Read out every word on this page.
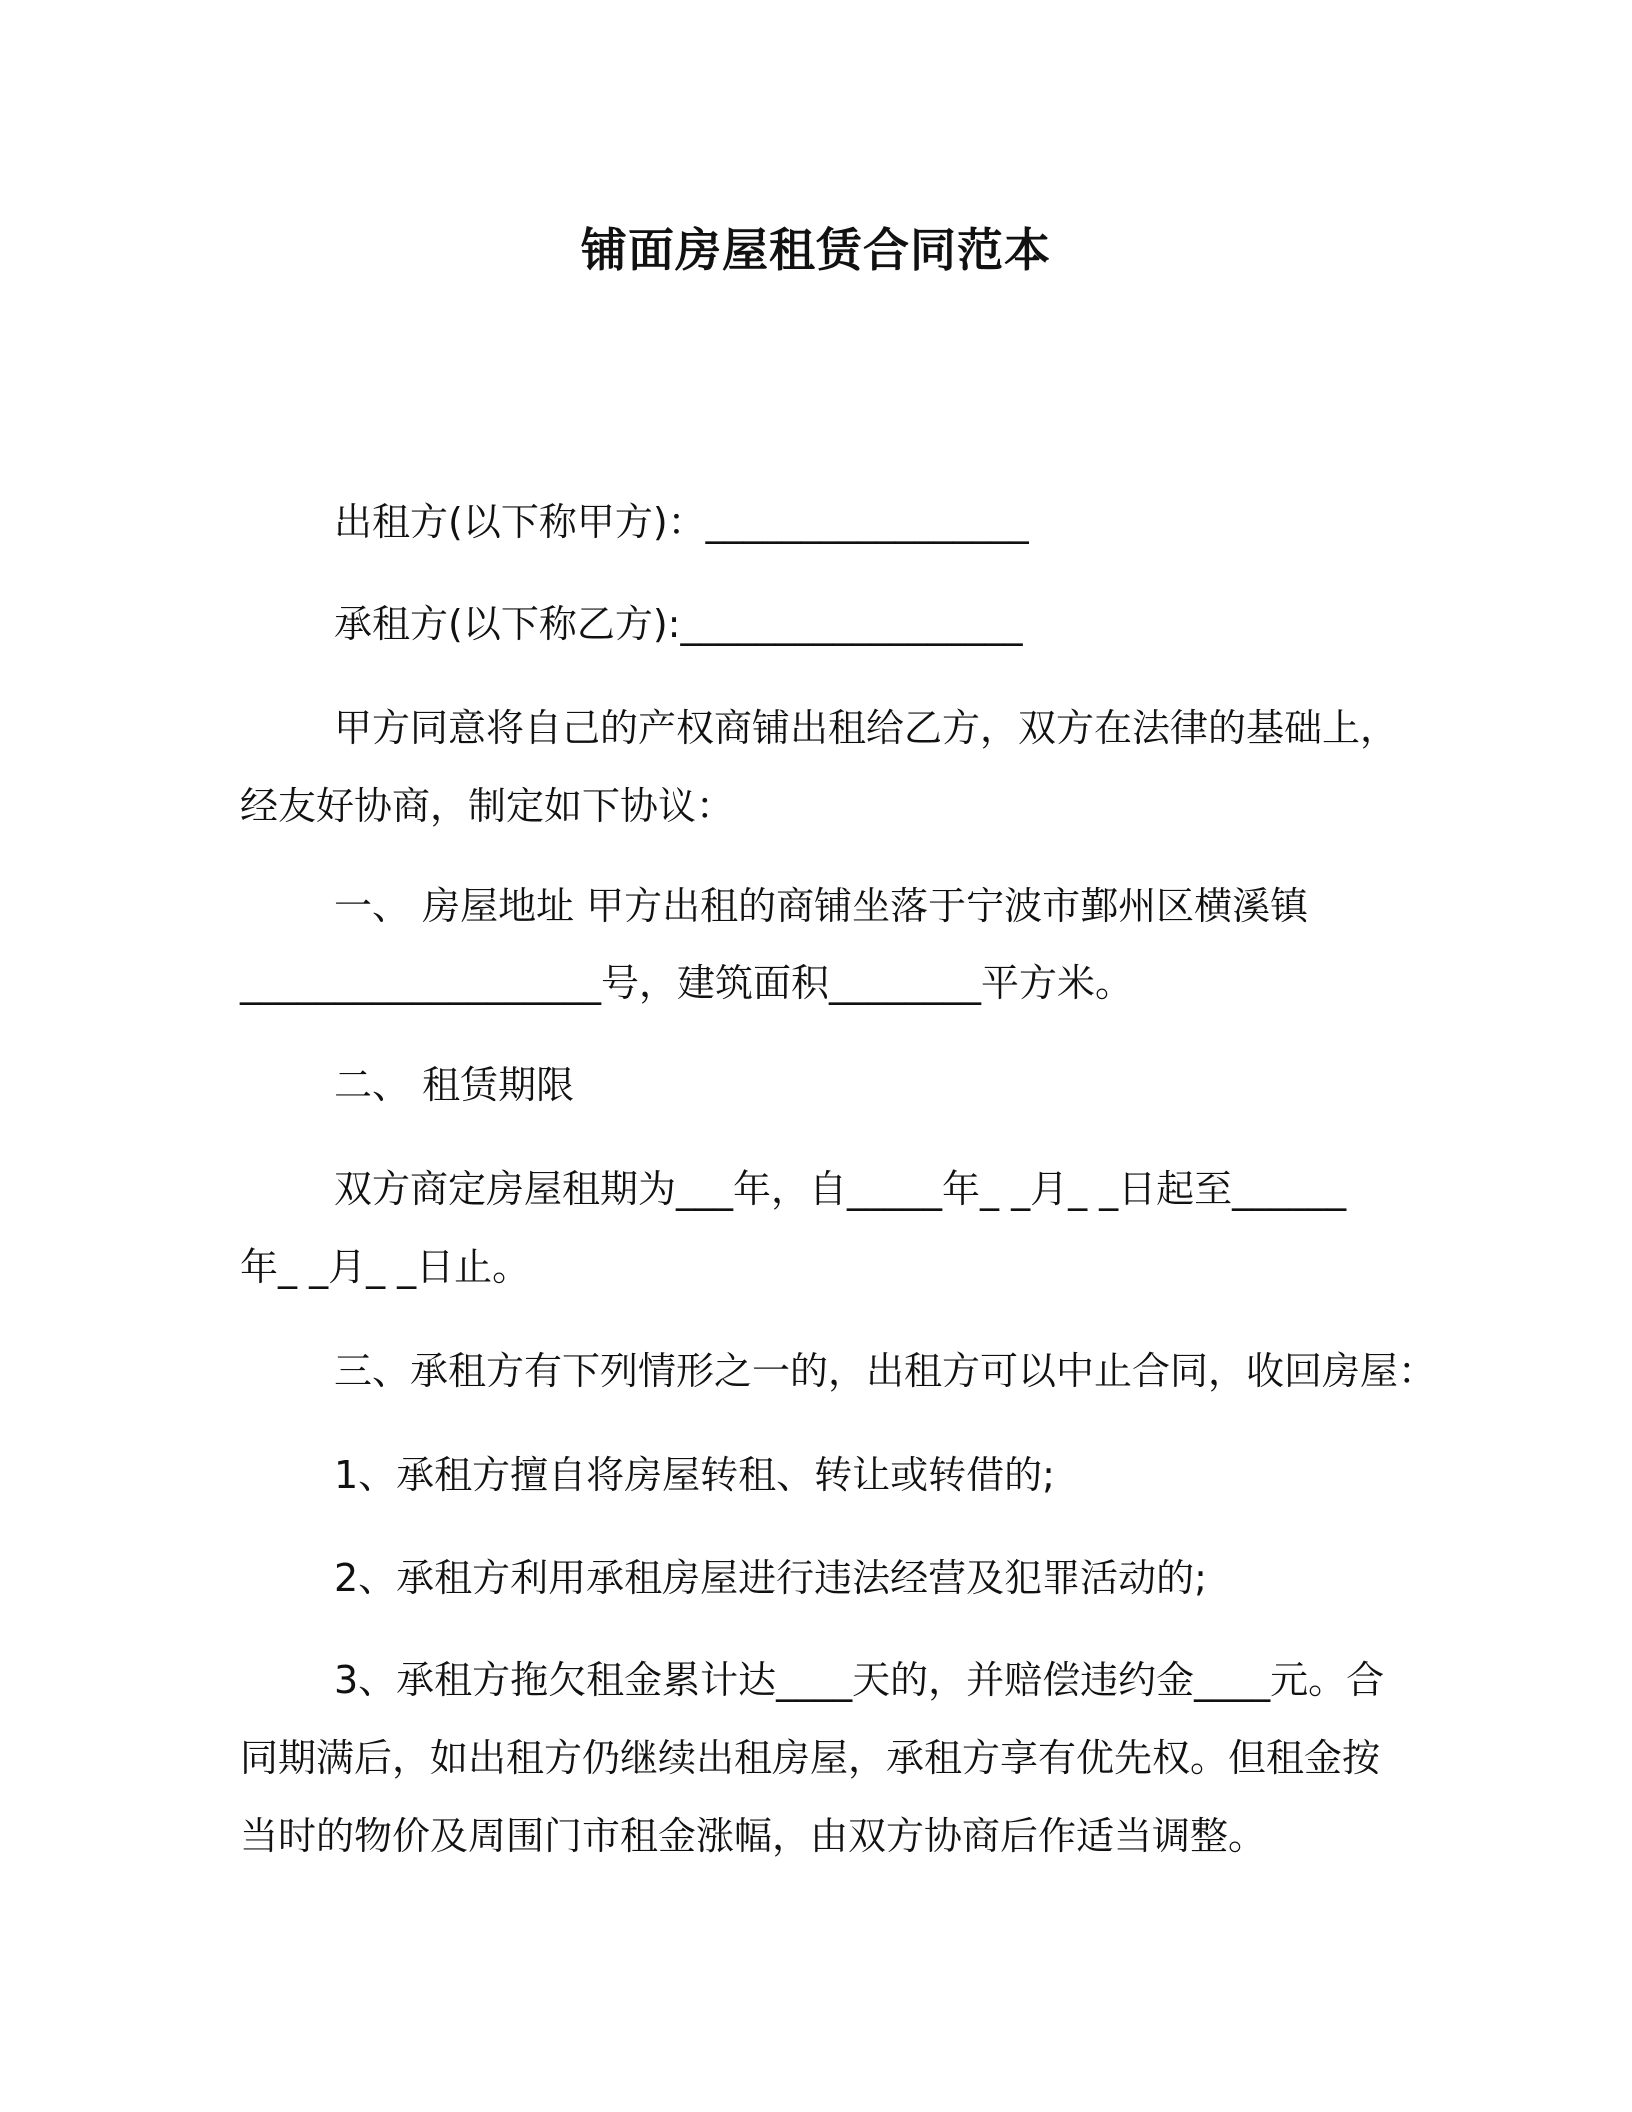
铺面房屋租赁合同范本

出租方(以下称甲方)：_________________

承租方(以下称乙方):__________________

甲方同意将自己的产权商铺出租给乙方，双方在法律的基础上，

经友好协商，制定如下协议：

一、 房屋地址 甲方出租的商铺坐落于宁波市鄞州区横溪镇

___________________号，建筑面积________平方米。

二、 租赁期限

双方商定房屋租期为___年，自_____年_ _月_ _日起至______

年_ _月_ _日止。

三、承租方有下列情形之一的，出租方可以中止合同，收回房屋：

1、承租方擅自将房屋转租、转让或转借的;

2、承租方利用承租房屋进行违法经营及犯罪活动的;

3、承租方拖欠租金累计达____天的，并赔偿违约金____元。合

同期满后，如出租方仍继续出租房屋，承租方享有优先权。但租金按

当时的物价及周围门市租金涨幅，由双方协商后作适当调整。
